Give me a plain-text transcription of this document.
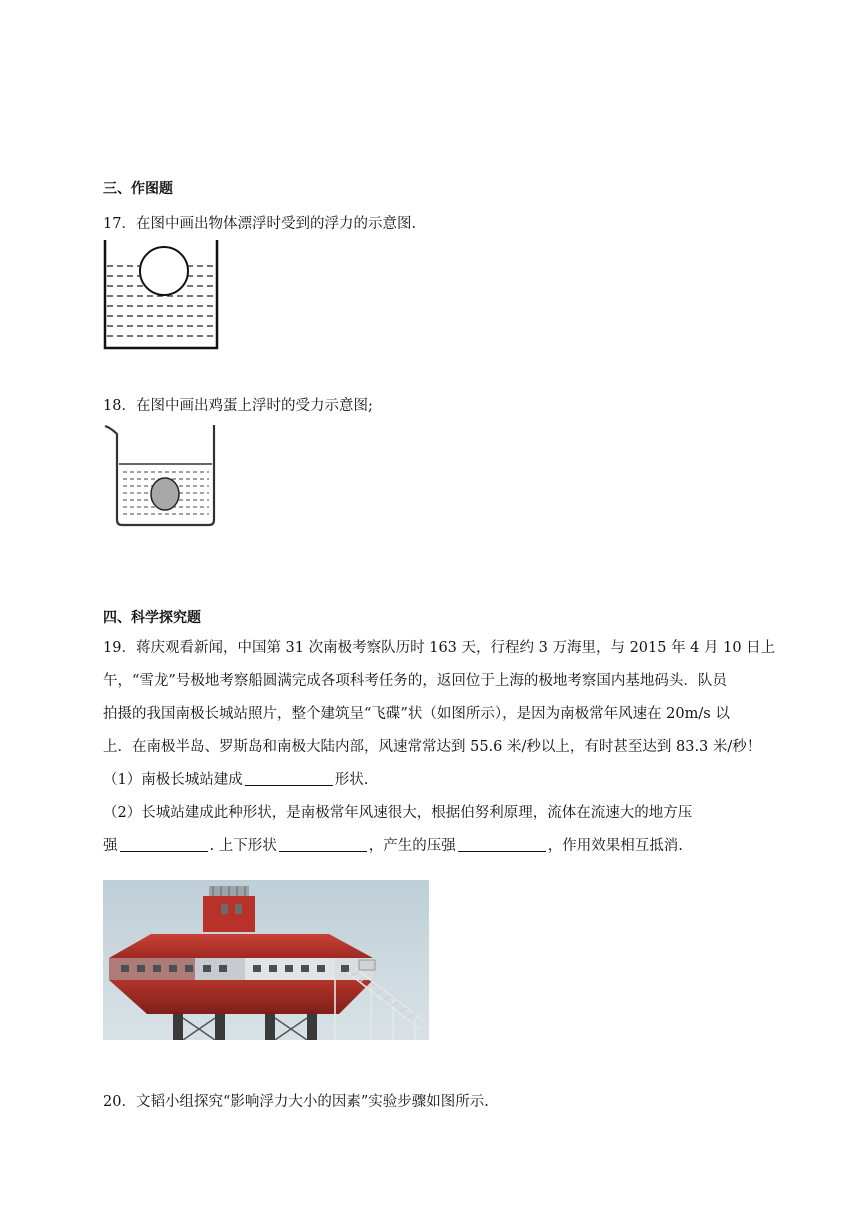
三、作图题
17．在图中画出物体漂浮时受到的浮力的示意图.
18．在图中画出鸡蛋上浮时的受力示意图;
四、科学探究题

19．蒋庆观看新闻，中国第 31 次南极考察队历时 163 天，行程约 3 万海里，与 2015 年 4 月 10 日上

午，“雪龙”号极地考察船圆满完成各项科考任务的，返回位于上海的极地考察国内基地码头．队员

拍摄的我国南极长城站照片，整个建筑呈“飞碟”状（如图所示），是因为南极常年风速在 20m/s 以

上．在南极半岛、罗斯岛和南极大陆内部，风速常常达到 55.6 米/秒以上，有时甚至达到 83.3 米/秒！

（1）南极长城站建成	形状.

（2）长城站建成此种形状，是南极常年风速很大，根据伯努利原理，流体在流速大的地方压

强	. 上下形状	，产生的压强	，作用效果相互抵消.

20．文韬小组探究“影响浮力大小的因素”实验步骤如图所示.
